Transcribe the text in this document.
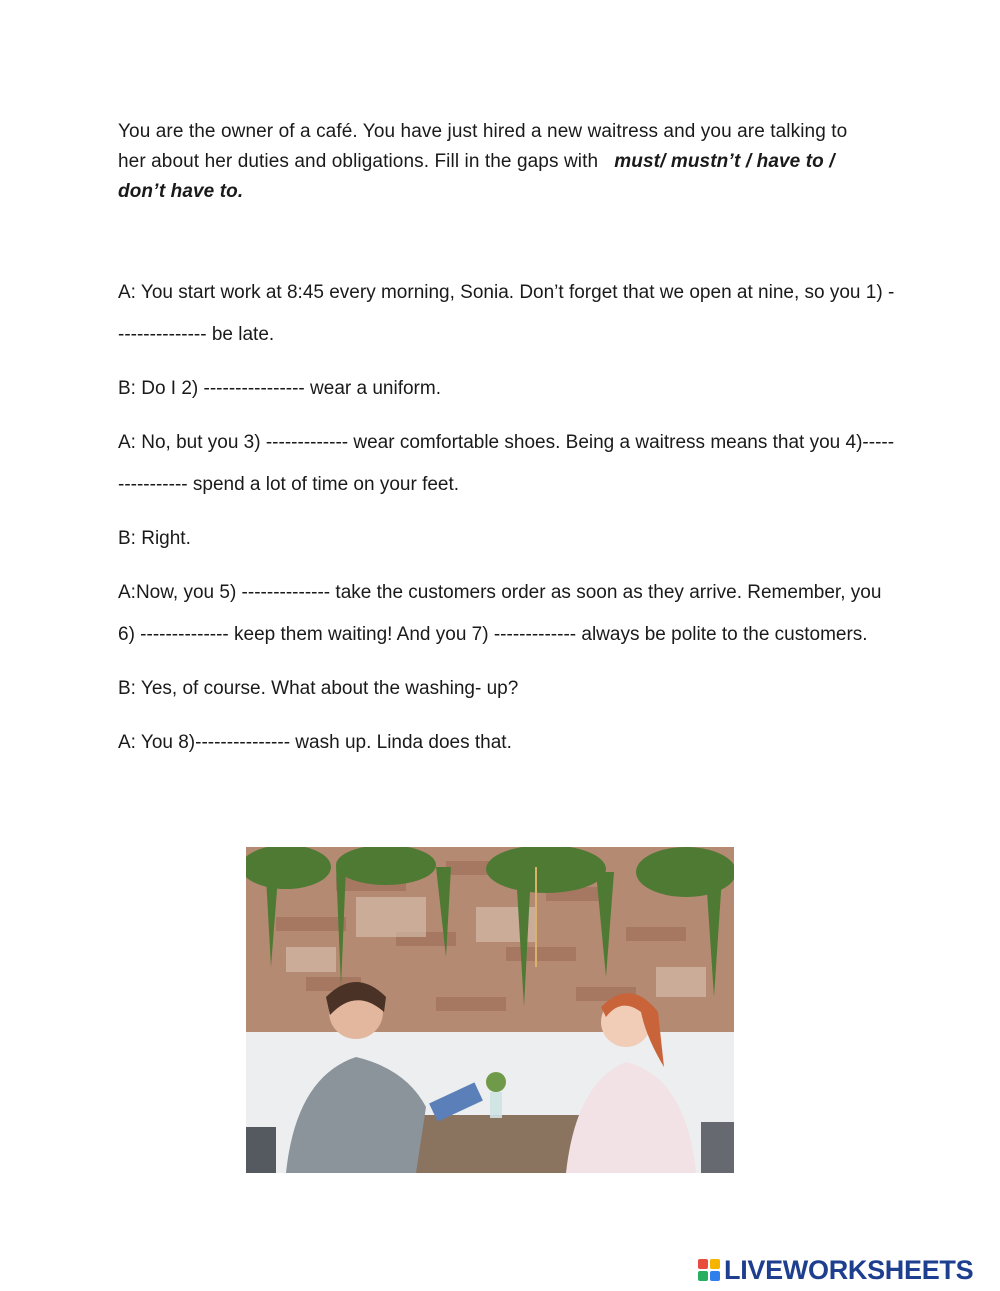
You are the owner of a café. You have just hired a new waitress and you are talking to her about her duties and obligations. Fill in the gaps with must/ mustn’t / have to / don’t have to.

A: You start work at 8:45 every morning, Sonia. Don’t forget that we open at nine, so you 1) --------------- be late.

B: Do I 2) ---------------- wear a uniform.

A: No, but you 3) ------------- wear comfortable shoes. Being a waitress means that you 4)---------------- spend a lot of time on your feet.

B: Right.

A:Now, you 5) -------------- take the customers order as soon as they arrive. Remember, you 6) -------------- keep them waiting! And you 7) ------------- always be polite to the customers.

B: Yes, of course. What about the washing- up?

A: You 8)--------------- wash up. Linda does that.

LIVEWORKSHEETS
